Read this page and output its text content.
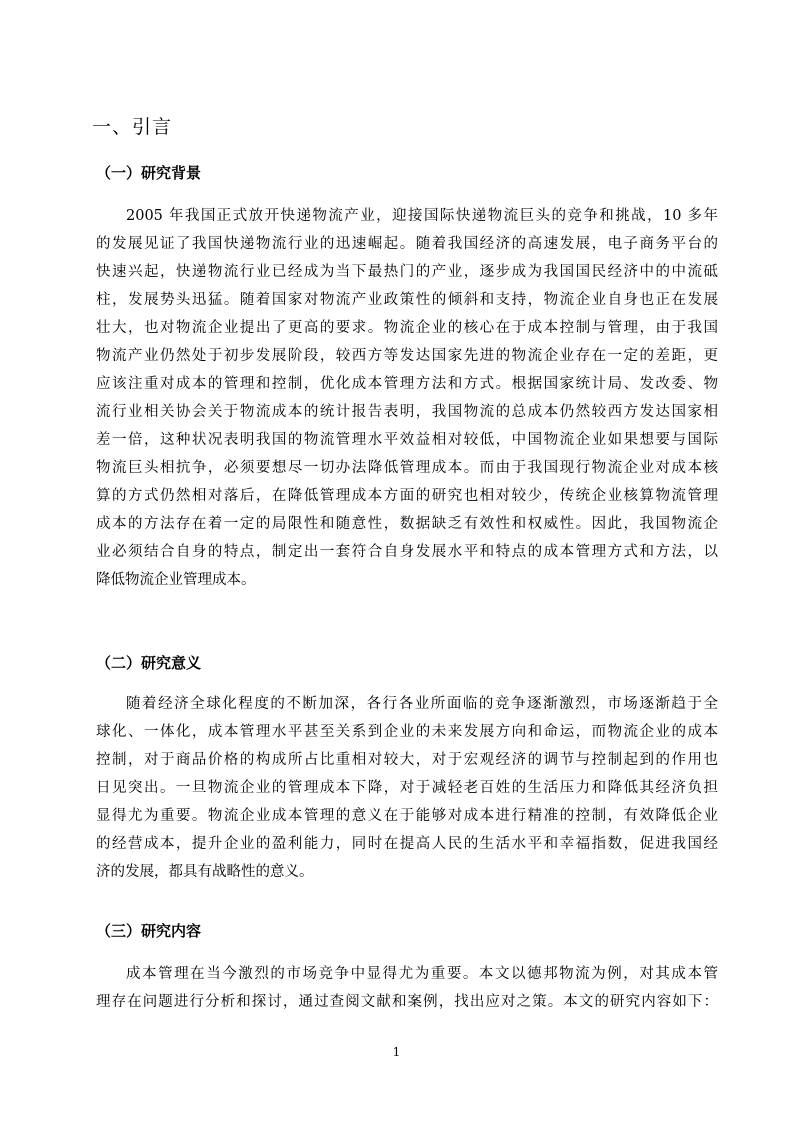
一、引言
（一）研究背景
2005 年我国正式放开快递物流产业，迎接国际快递物流巨头的竞争和挑战，10 多年
的发展见证了我国快递物流行业的迅速崛起。随着我国经济的高速发展，电子商务平台的
快速兴起，快递物流行业已经成为当下最热门的产业，逐步成为我国国民经济中的中流砥
柱，发展势头迅猛。随着国家对物流产业政策性的倾斜和支持，物流企业自身也正在发展
壮大，也对物流企业提出了更高的要求。物流企业的核心在于成本控制与管理，由于我国
物流产业仍然处于初步发展阶段，较西方等发达国家先进的物流企业存在一定的差距，更
应该注重对成本的管理和控制，优化成本管理方法和方式。根据国家统计局、发改委、物
流行业相关协会关于物流成本的统计报告表明，我国物流的总成本仍然较西方发达国家相
差一倍，这种状况表明我国的物流管理水平效益相对较低，中国物流企业如果想要与国际
物流巨头相抗争，必须要想尽一切办法降低管理成本。而由于我国现行物流企业对成本核
算的方式仍然相对落后，在降低管理成本方面的研究也相对较少，传统企业核算物流管理
成本的方法存在着一定的局限性和随意性，数据缺乏有效性和权威性。因此，我国物流企
业必须结合自身的特点，制定出一套符合自身发展水平和特点的成本管理方式和方法，以
降低物流企业管理成本。
（二）研究意义
随着经济全球化程度的不断加深，各行各业所面临的竞争逐渐激烈，市场逐渐趋于全
球化、一体化，成本管理水平甚至关系到企业的未来发展方向和命运，而物流企业的成本
控制，对于商品价格的构成所占比重相对较大，对于宏观经济的调节与控制起到的作用也
日见突出。一旦物流企业的管理成本下降，对于减轻老百姓的生活压力和降低其经济负担
显得尤为重要。物流企业成本管理的意义在于能够对成本进行精准的控制，有效降低企业
的经营成本，提升企业的盈利能力，同时在提高人民的生活水平和幸福指数，促进我国经
济的发展，都具有战略性的意义。
（三）研究内容
成本管理在当今激烈的市场竞争中显得尤为重要。本文以德邦物流为例，对其成本管
理存在问题进行分析和探讨，通过查阅文献和案例，找出应对之策。本文的研究内容如下：
1
